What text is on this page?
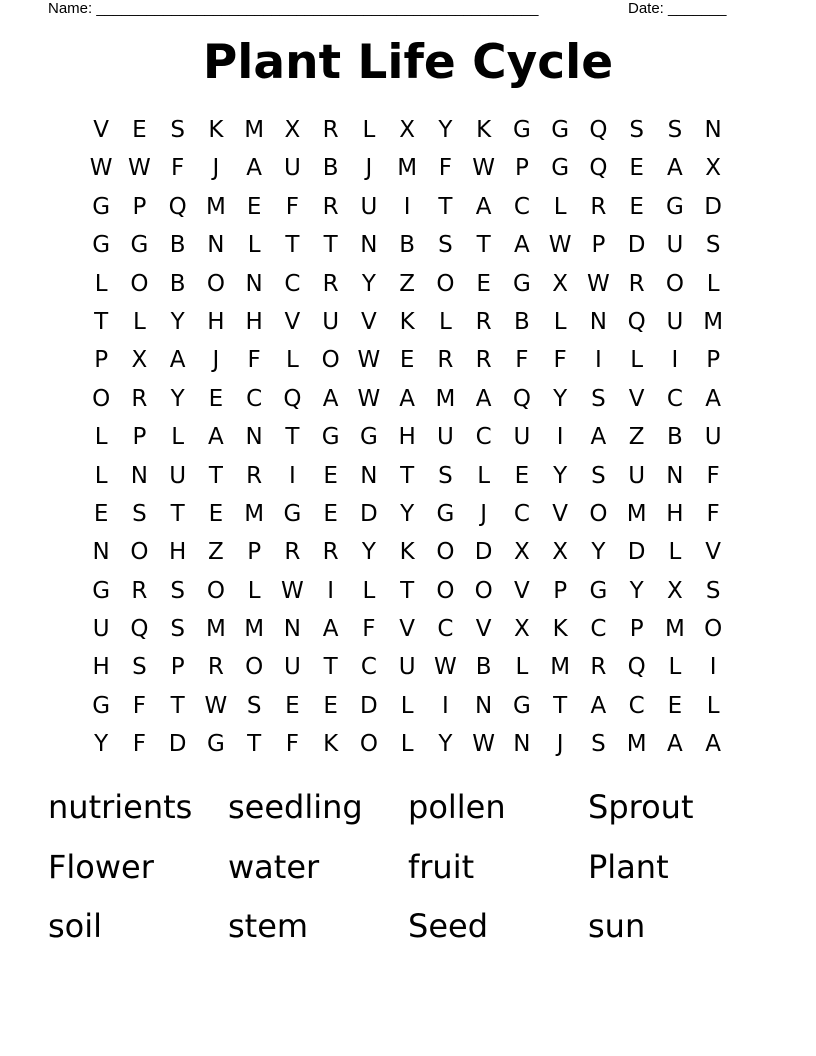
Name: _____________________________________________________	Date: _______
Plant Life Cycle
V	E	S	K M X R	L	X	Y	K G G Q S	S N
W W F	J	A U B	J	M F W P G Q E	A X
G P Q M E	F	R U	I	T	A C	L	R E G D
G G B N	L	T	T N B	S	T	A W P D U S
L O B O N C R	Y	Z O E G X W R O L
T	L	Y H H V U V K	L	R B	L	N Q U M
P	X A	J	F	L O W E R R	F	F	I	L	I	P
O R	Y	E C Q A W A M A Q Y	S	V C A
L	P	L	A N T G G H U C U	I	A Z B U
L	N U T	R	I	E N T	S	L	E	Y	S U N	F
E	S	T	E M G E D Y G	J	C V O M H F
N O H Z	P	R R	Y	K O D X X	Y D L	V
G R S O L W	I	L	T O O V	P G Y	X	S
U Q S M M N A	F	V C V X K C	P M O
H S	P	R O U T	C U W B	L M R Q L	I
G F	T W S	E	E D L	I	N G T	A C E	L
Y	F D G T	F	K O L	Y W N	J	S M A A
nutrients	seedling	pollen	Sprout
Flower	water	fruit	Plant
soil	stem	Seed	sun
